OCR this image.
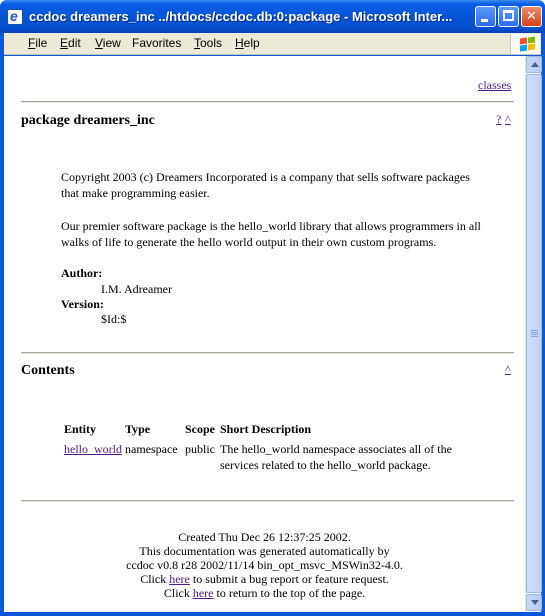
e ccdoc dreamers_inc ../htdocs/ccdoc.db:0:package - Microsoft Inter...	✕
File Edit View Favorites Tools Help
classes
package dreamers_inc	? ^
Copyright 2003 (c) Dreamers Incorporated is a company that sells software packages that make programming easier.
Our premier software package is the hello_world library that allows programmers in all walks of life to generate the hello world output in their own custom programs.
Author:
I.M. Adreamer
Version:
$Id:$
Contents	^
Entity Type	Scope Short Description
hello_world namespace public The hello_world namespace associates all of the
services related to the hello_world package.
Created Thu Dec 26 12:37:25 2002.
This documentation was generated automatically by
ccdoc v0.8 r28 2002/11/14 bin_opt_msvc_MSWin32-4.0.
Click here to submit a bug report or feature request.
Click here to return to the top of the page.
